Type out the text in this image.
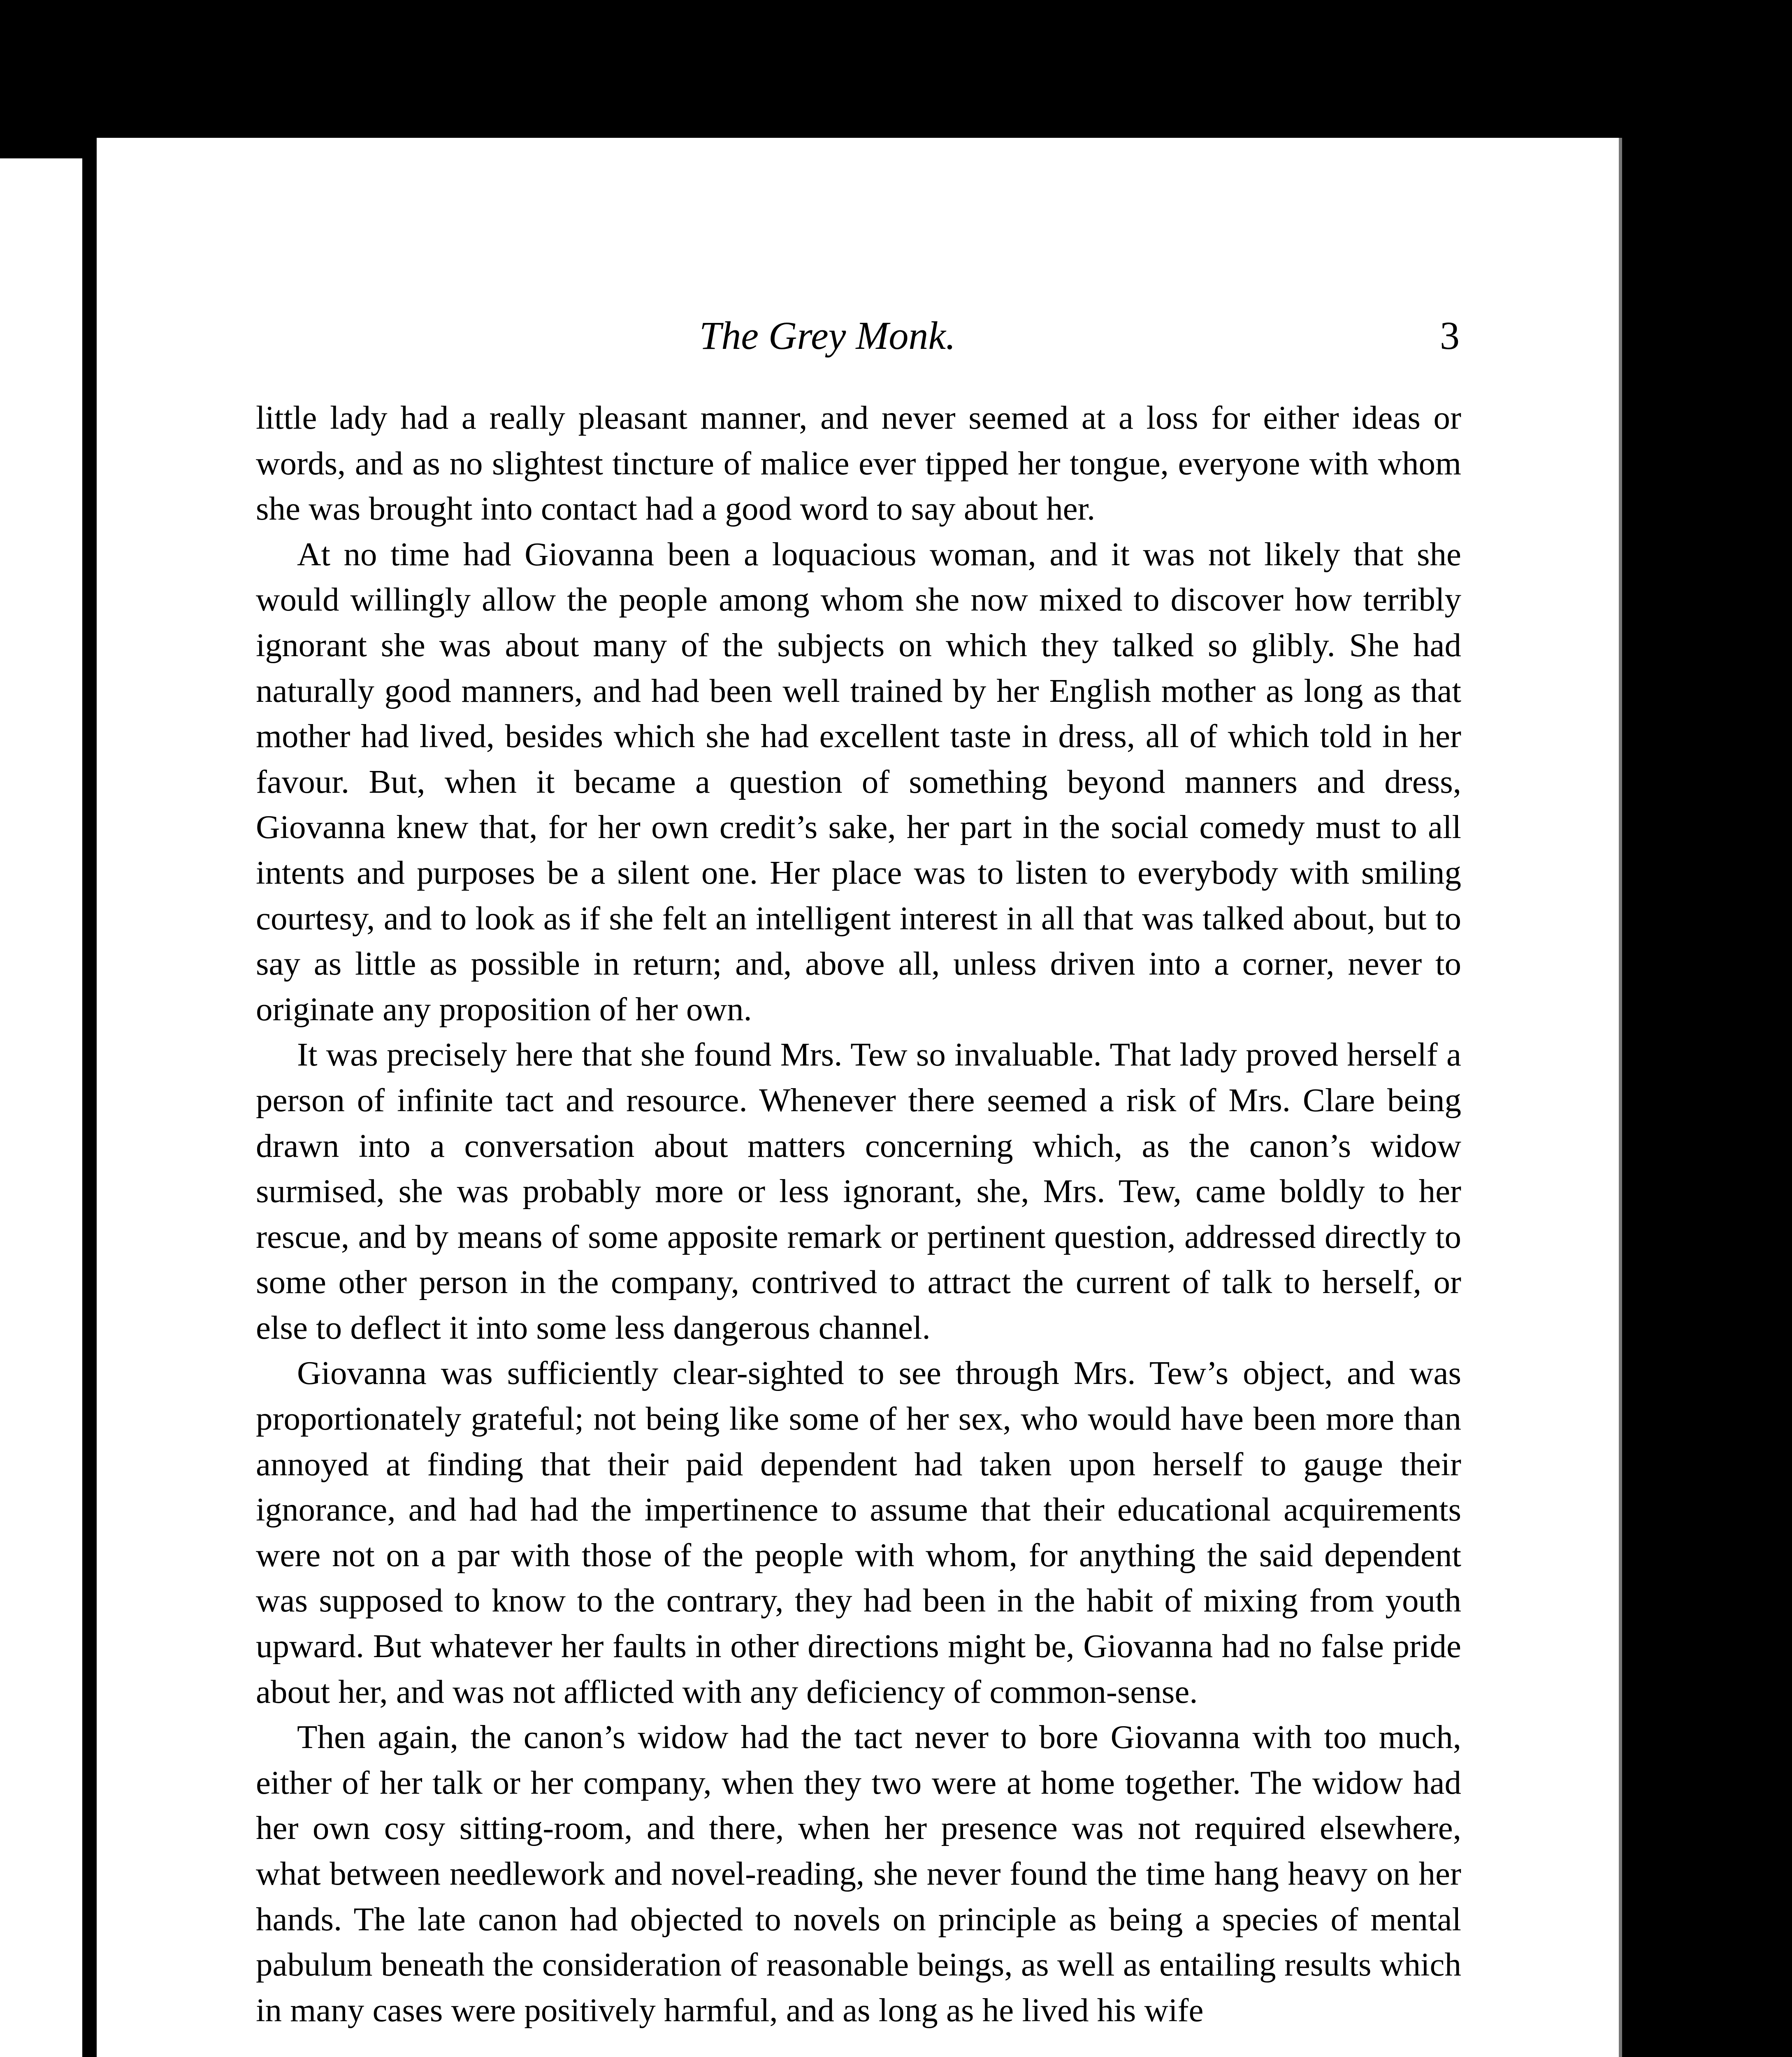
The Grey Monk.	3

little lady had a really pleasant manner, and never seemed at a loss for either ideas or words, and as no slightest tincture of malice ever tipped her tongue, everyone with whom she was brought into contact had a good word to say about her.

At no time had Giovanna been a loquacious woman, and it was not likely that she would willingly allow the people among whom she now mixed to discover how terribly ignorant she was about many of the subjects on which they talked so glibly. She had naturally good manners, and had been well trained by her English mother as long as that mother had lived, besides which she had excellent taste in dress, all of which told in her favour. But, when it became a question of something beyond manners and dress, Giovanna knew that, for her own credit’s sake, her part in the social comedy must to all intents and purposes be a silent one. Her place was to listen to everybody with smiling courtesy, and to look as if she felt an intelligent interest in all that was talked about, but to say as little as possible in return; and, above all, unless driven into a corner, never to originate any proposition of her own.

It was precisely here that she found Mrs. Tew so invaluable. That lady proved herself a person of infinite tact and resource. Whenever there seemed a risk of Mrs. Clare being drawn into a conversation about matters concerning which, as the canon’s widow surmised, she was probably more or less ignorant, she, Mrs. Tew, came boldly to her rescue, and by means of some apposite remark or pertinent question, addressed directly to some other person in the company, contrived to attract the current of talk to herself, or else to deflect it into some less dangerous channel.

Giovanna was sufficiently clear-sighted to see through Mrs. Tew’s object, and was proportionately grateful; not being like some of her sex, who would have been more than annoyed at finding that their paid dependent had taken upon herself to gauge their ignorance, and had had the impertinence to assume that their educational acquirements were not on a par with those of the people with whom, for anything the said dependent was supposed to know to the contrary, they had been in the habit of mixing from youth upward. But whatever her faults in other directions might be, Giovanna had no false pride about her, and was not afflicted with any deficiency of common-sense.

Then again, the canon’s widow had the tact never to bore Giovanna with too much, either of her talk or her company, when they two were at home together. The widow had her own cosy sitting-room, and there, when her presence was not required elsewhere, what between needlework and novel-reading, she never found the time hang heavy on her hands. The late canon had objected to novels on principle as being a species of mental pabulum beneath the consideration of reasonable beings, as well as entailing results which in many cases were positively harmful, and as long as he lived his wife
